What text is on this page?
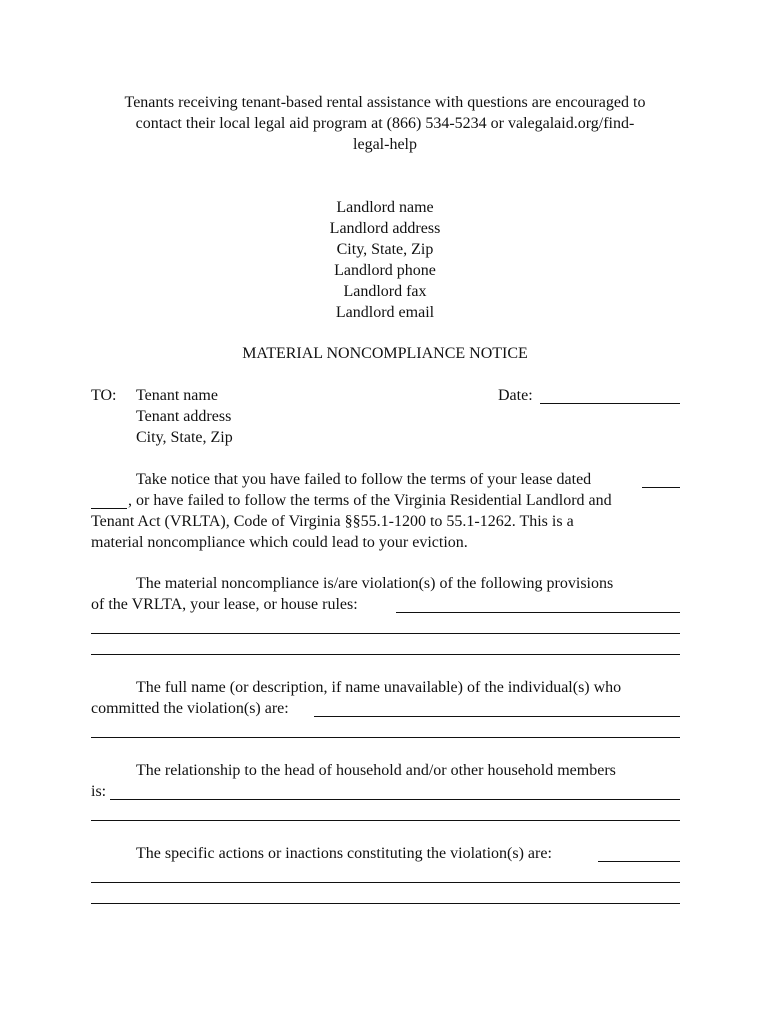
Tenants receiving tenant-based rental assistance with questions are encouraged to
contact their local legal aid program at (866) 534-5234 or valegalaid.org/find-
legal-help
Landlord name
Landlord address
City, State, Zip
Landlord phone
Landlord fax
Landlord email
MATERIAL NONCOMPLIANCE NOTICE
TO: Tenant name
Tenant address
City, State, Zip
Date:
Take notice that you have failed to follow the terms of your lease dated
, or have failed to follow the terms of the Virginia Residential Landlord and
Tenant Act (VRLTA), Code of Virginia §§55.1-1200 to 55.1-1262. This is a
material noncompliance which could lead to your eviction.
The material noncompliance is/are violation(s) of the following provisions
of the VRLTA, your lease, or house rules:
The full name (or description, if name unavailable) of the individual(s) who
committed the violation(s) are:
The relationship to the head of household and/or other household members
is:
The specific actions or inactions constituting the violation(s) are:
